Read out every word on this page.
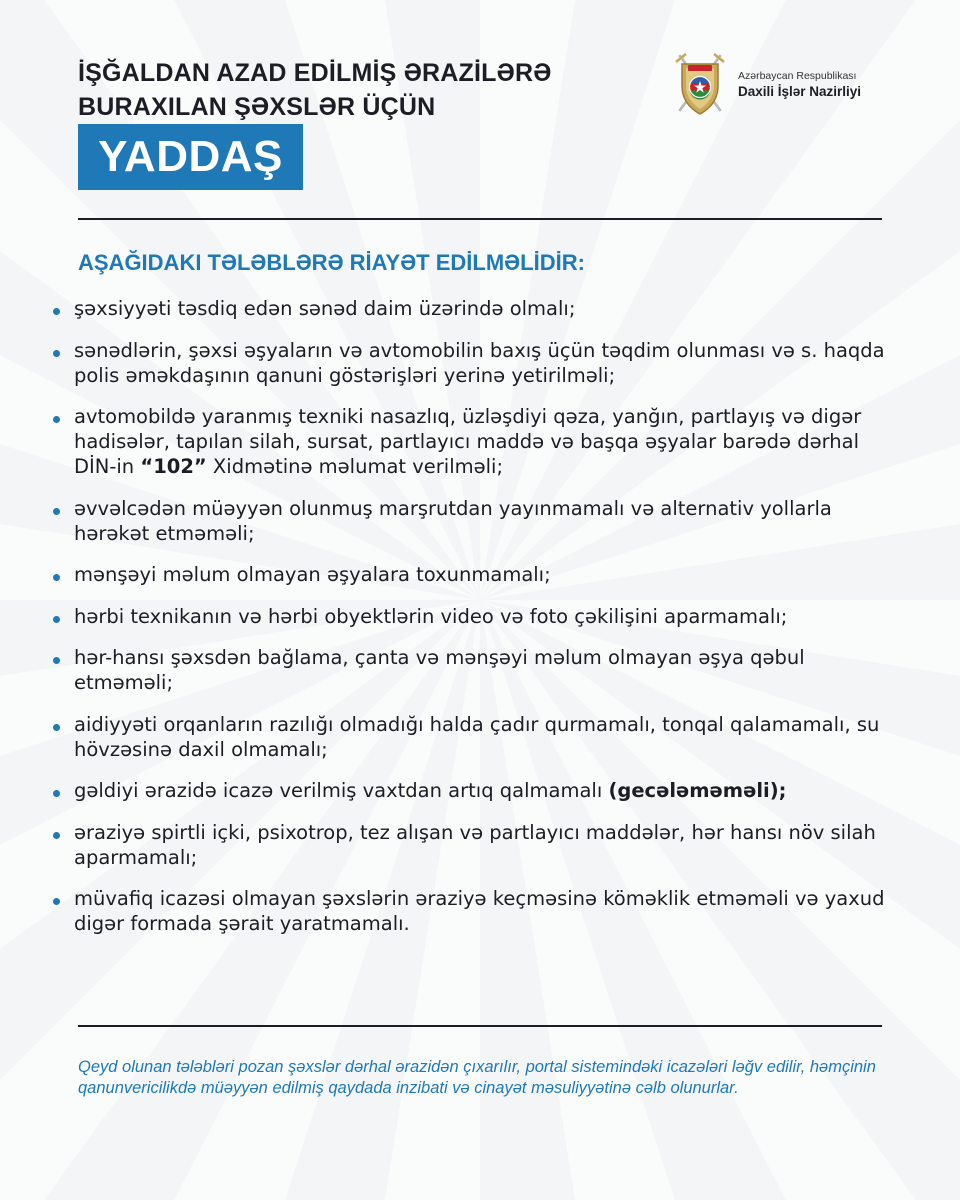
İŞĞALDAN AZAD EDİLMİŞ ƏRAZİLƏRƏ
BURAXILAN ŞƏXSLƏR ÜÇÜN
Azərbaycan Respublikası
Daxili İşlər Nazirliyi
YADDAŞ
AŞAĞIDAKI TƏLƏBLƏRƏ RİAYƏT EDİLMƏLİDİR:
şəxsiyyəti təsdiq edən sənəd daim üzərində olmalı;
sənədlərin, şəxsi əşyaların və avtomobilin baxış üçün təqdim olunması və s. haqda polis əməkdaşının qanuni göstərişləri yerinə yetirilməli;
avtomobildə yaranmış texniki nasazlıq, üzləşdiyi qəza, yanğın, partlayış və digər hadisələr, tapılan silah, sursat, partlayıcı maddə və başqa əşyalar barədə dərhal DİN-in “102” Xidmətinə məlumat verilməli;
əvvəlcədən müəyyən olunmuş marşrutdan yayınmamalı və alternativ yollarla hərəkət etməməli;
mənşəyi məlum olmayan əşyalara toxunmamalı;
hərbi texnikanın və hərbi obyektlərin video və foto çəkilişini aparmamalı;
hər-hansı şəxsdən bağlama, çanta və mənşəyi məlum olmayan əşya qəbul etməməli;
aidiyyəti orqanların razılığı olmadığı halda çadır qurmamalı, tonqal qalamamalı, su hövzəsinə daxil olmamalı;
gəldiyi ərazidə icazə verilmiş vaxtdan artıq qalmamalı (gecələməməli);
əraziyə spirtli içki, psixotrop, tez alışan və partlayıcı maddələr, hər hansı növ silah aparmamalı;
müvafiq icazəsi olmayan şəxslərin əraziyə keçməsinə köməklik etməməli və yaxud digər formada şərait yaratmamalı.
Qeyd olunan tələbləri pozan şəxslər dərhal ərazidən çıxarılır, portal sistemindəki icazələri ləğv edilir, həmçinin qanunvericilikdə müəyyən edilmiş qaydada inzibati və cinayət məsuliyyətinə cəlb olunurlar.
